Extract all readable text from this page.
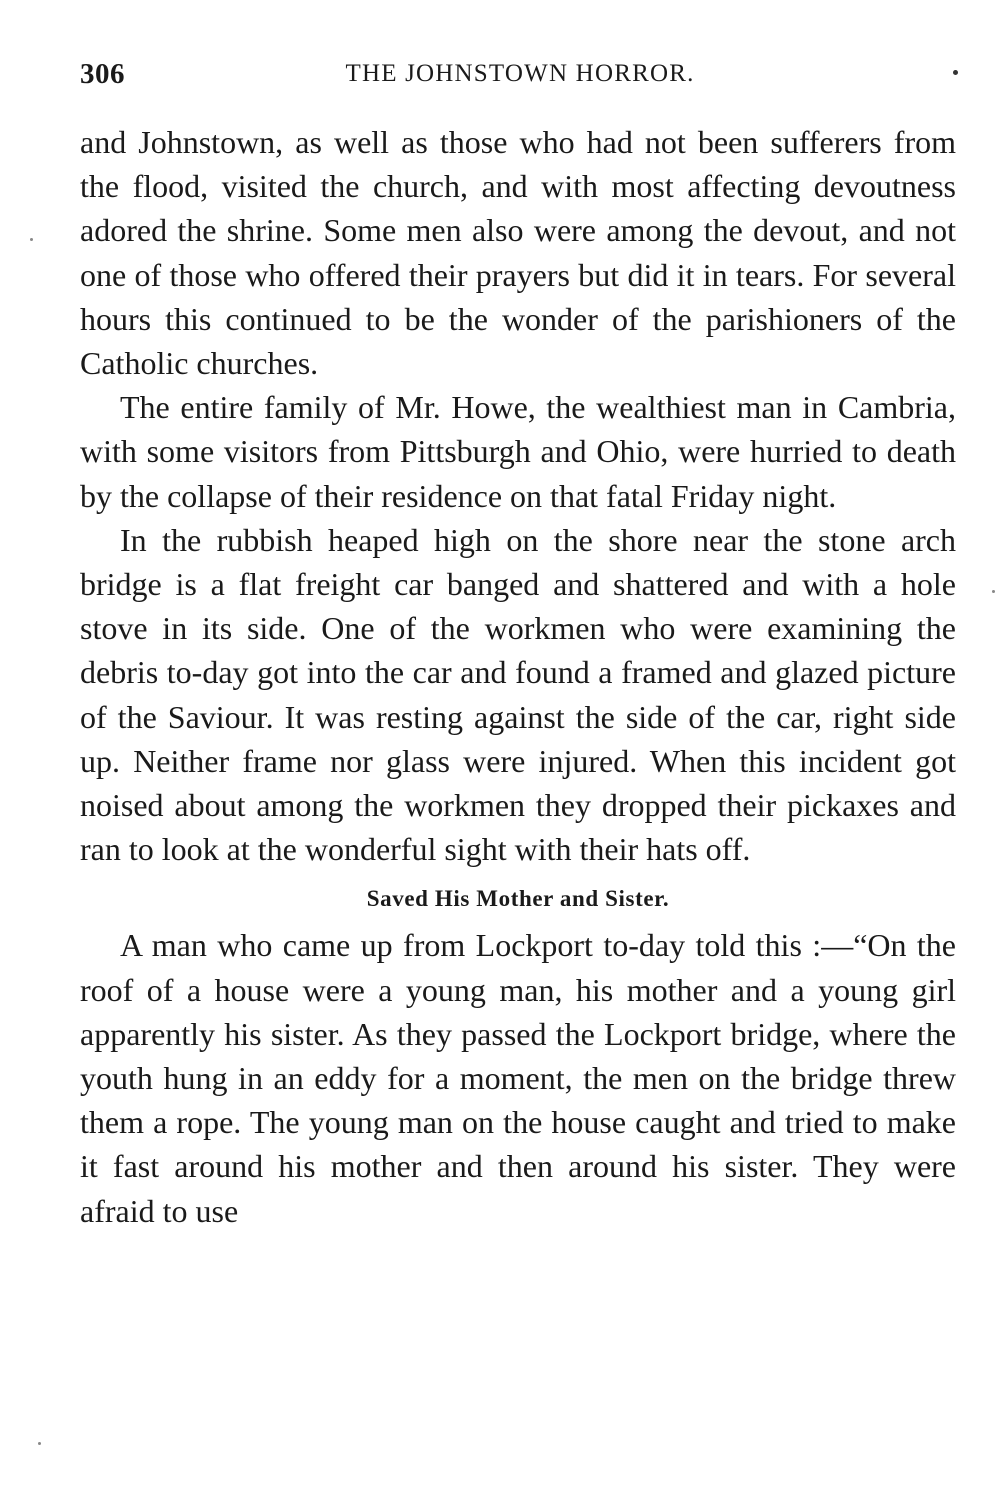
306	THE JOHNSTOWN HORROR.

and Johnstown, as well as those who had not been sufferers from the flood, visited the church, and with most affecting devoutness adored the shrine. Some men also were among the devout, and not one of those who offered their prayers but did it in tears. For several hours this continued to be the wonder of the parishioners of the Catholic churches.

The entire family of Mr. Howe, the wealthiest man in Cambria, with some visitors from Pittsburgh and Ohio, were hurried to death by the collapse of their residence on that fatal Friday night.

In the rubbish heaped high on the shore near the stone arch bridge is a flat freight car banged and shattered and with a hole stove in its side. One of the workmen who were examining the debris to-day got into the car and found a framed and glazed picture of the Saviour. It was resting against the side of the car, right side up. Neither frame nor glass were injured. When this incident got noised about among the workmen they dropped their pickaxes and ran to look at the wonderful sight with their hats off.

Saved His Mother and Sister.

A man who came up from Lockport to-day told this :—“On the roof of a house were a young man, his mother and a young girl apparently his sister. As they passed the Lockport bridge, where the youth hung in an eddy for a moment, the men on the bridge threw them a rope. The young man on the house caught and tried to make it fast around his mother and then around his sister. They were afraid to use
